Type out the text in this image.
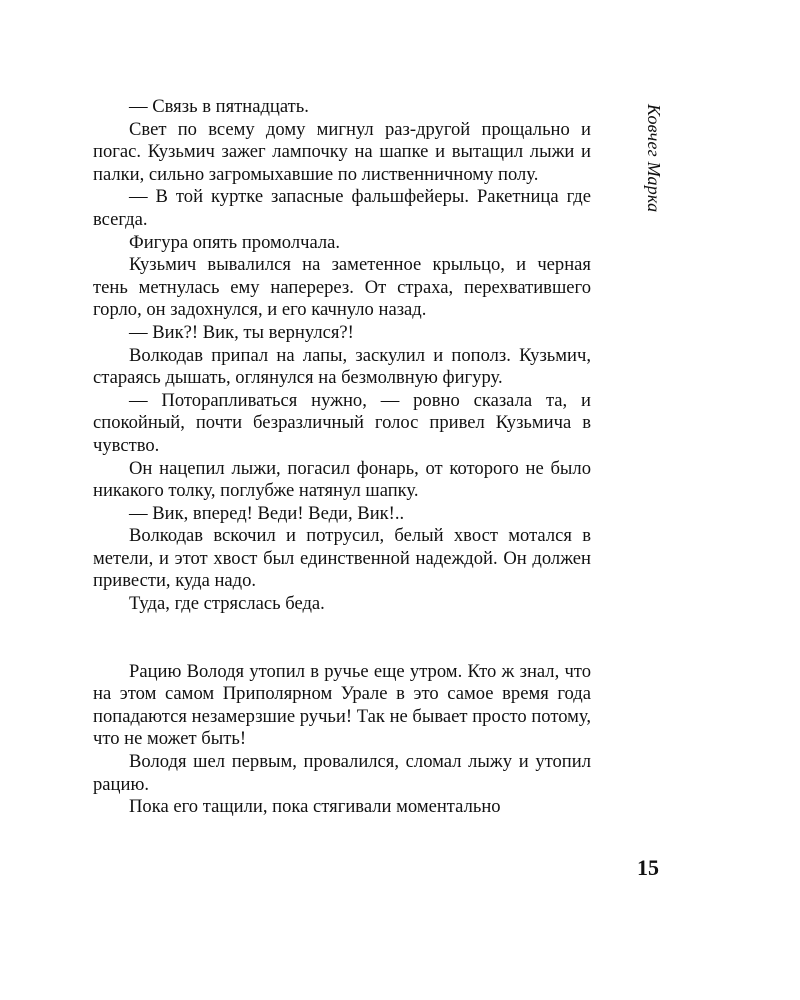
— Связь в пятнадцать.

Свет по всему дому мигнул раз-другой прощально и погас. Кузьмич зажег лампочку на шапке и вытащил лыжи и палки, сильно загромыхавшие по лиственничному полу.

— В той куртке запасные фальшфейеры. Ракетница где всегда.

Фигура опять промолчала.

Кузьмич вывалился на заметенное крыльцо, и черная тень метнулась ему наперерез. От страха, перехватившего горло, он задохнулся, и его качнуло назад.

— Вик?! Вик, ты вернулся?!

Волкодав припал на лапы, заскулил и пополз. Кузьмич, стараясь дышать, оглянулся на безмолвную фигуру.

— Поторапливаться нужно, — ровно сказала та, и спокойный, почти безразличный голос привел Кузьмича в чувство.

Он нацепил лыжи, погасил фонарь, от которого не было никакого толку, поглубже натянул шапку.

— Вик, вперед! Веди! Веди, Вик!..

Волкодав вскочил и потрусил, белый хвост мотался в метели, и этот хвост был единственной надеждой. Он должен привести, куда надо.

Туда, где стряслась беда.

Рацию Володя утопил в ручье еще утром. Кто ж знал, что на этом самом Приполярном Урале в это самое время года попадаются незамерзшие ручьи! Так не бывает просто потому, что не может быть!

Володя шел первым, провалился, сломал лыжу и утопил рацию.

Пока его тащили, пока стягивали моментально

Ковчег Марка
15
